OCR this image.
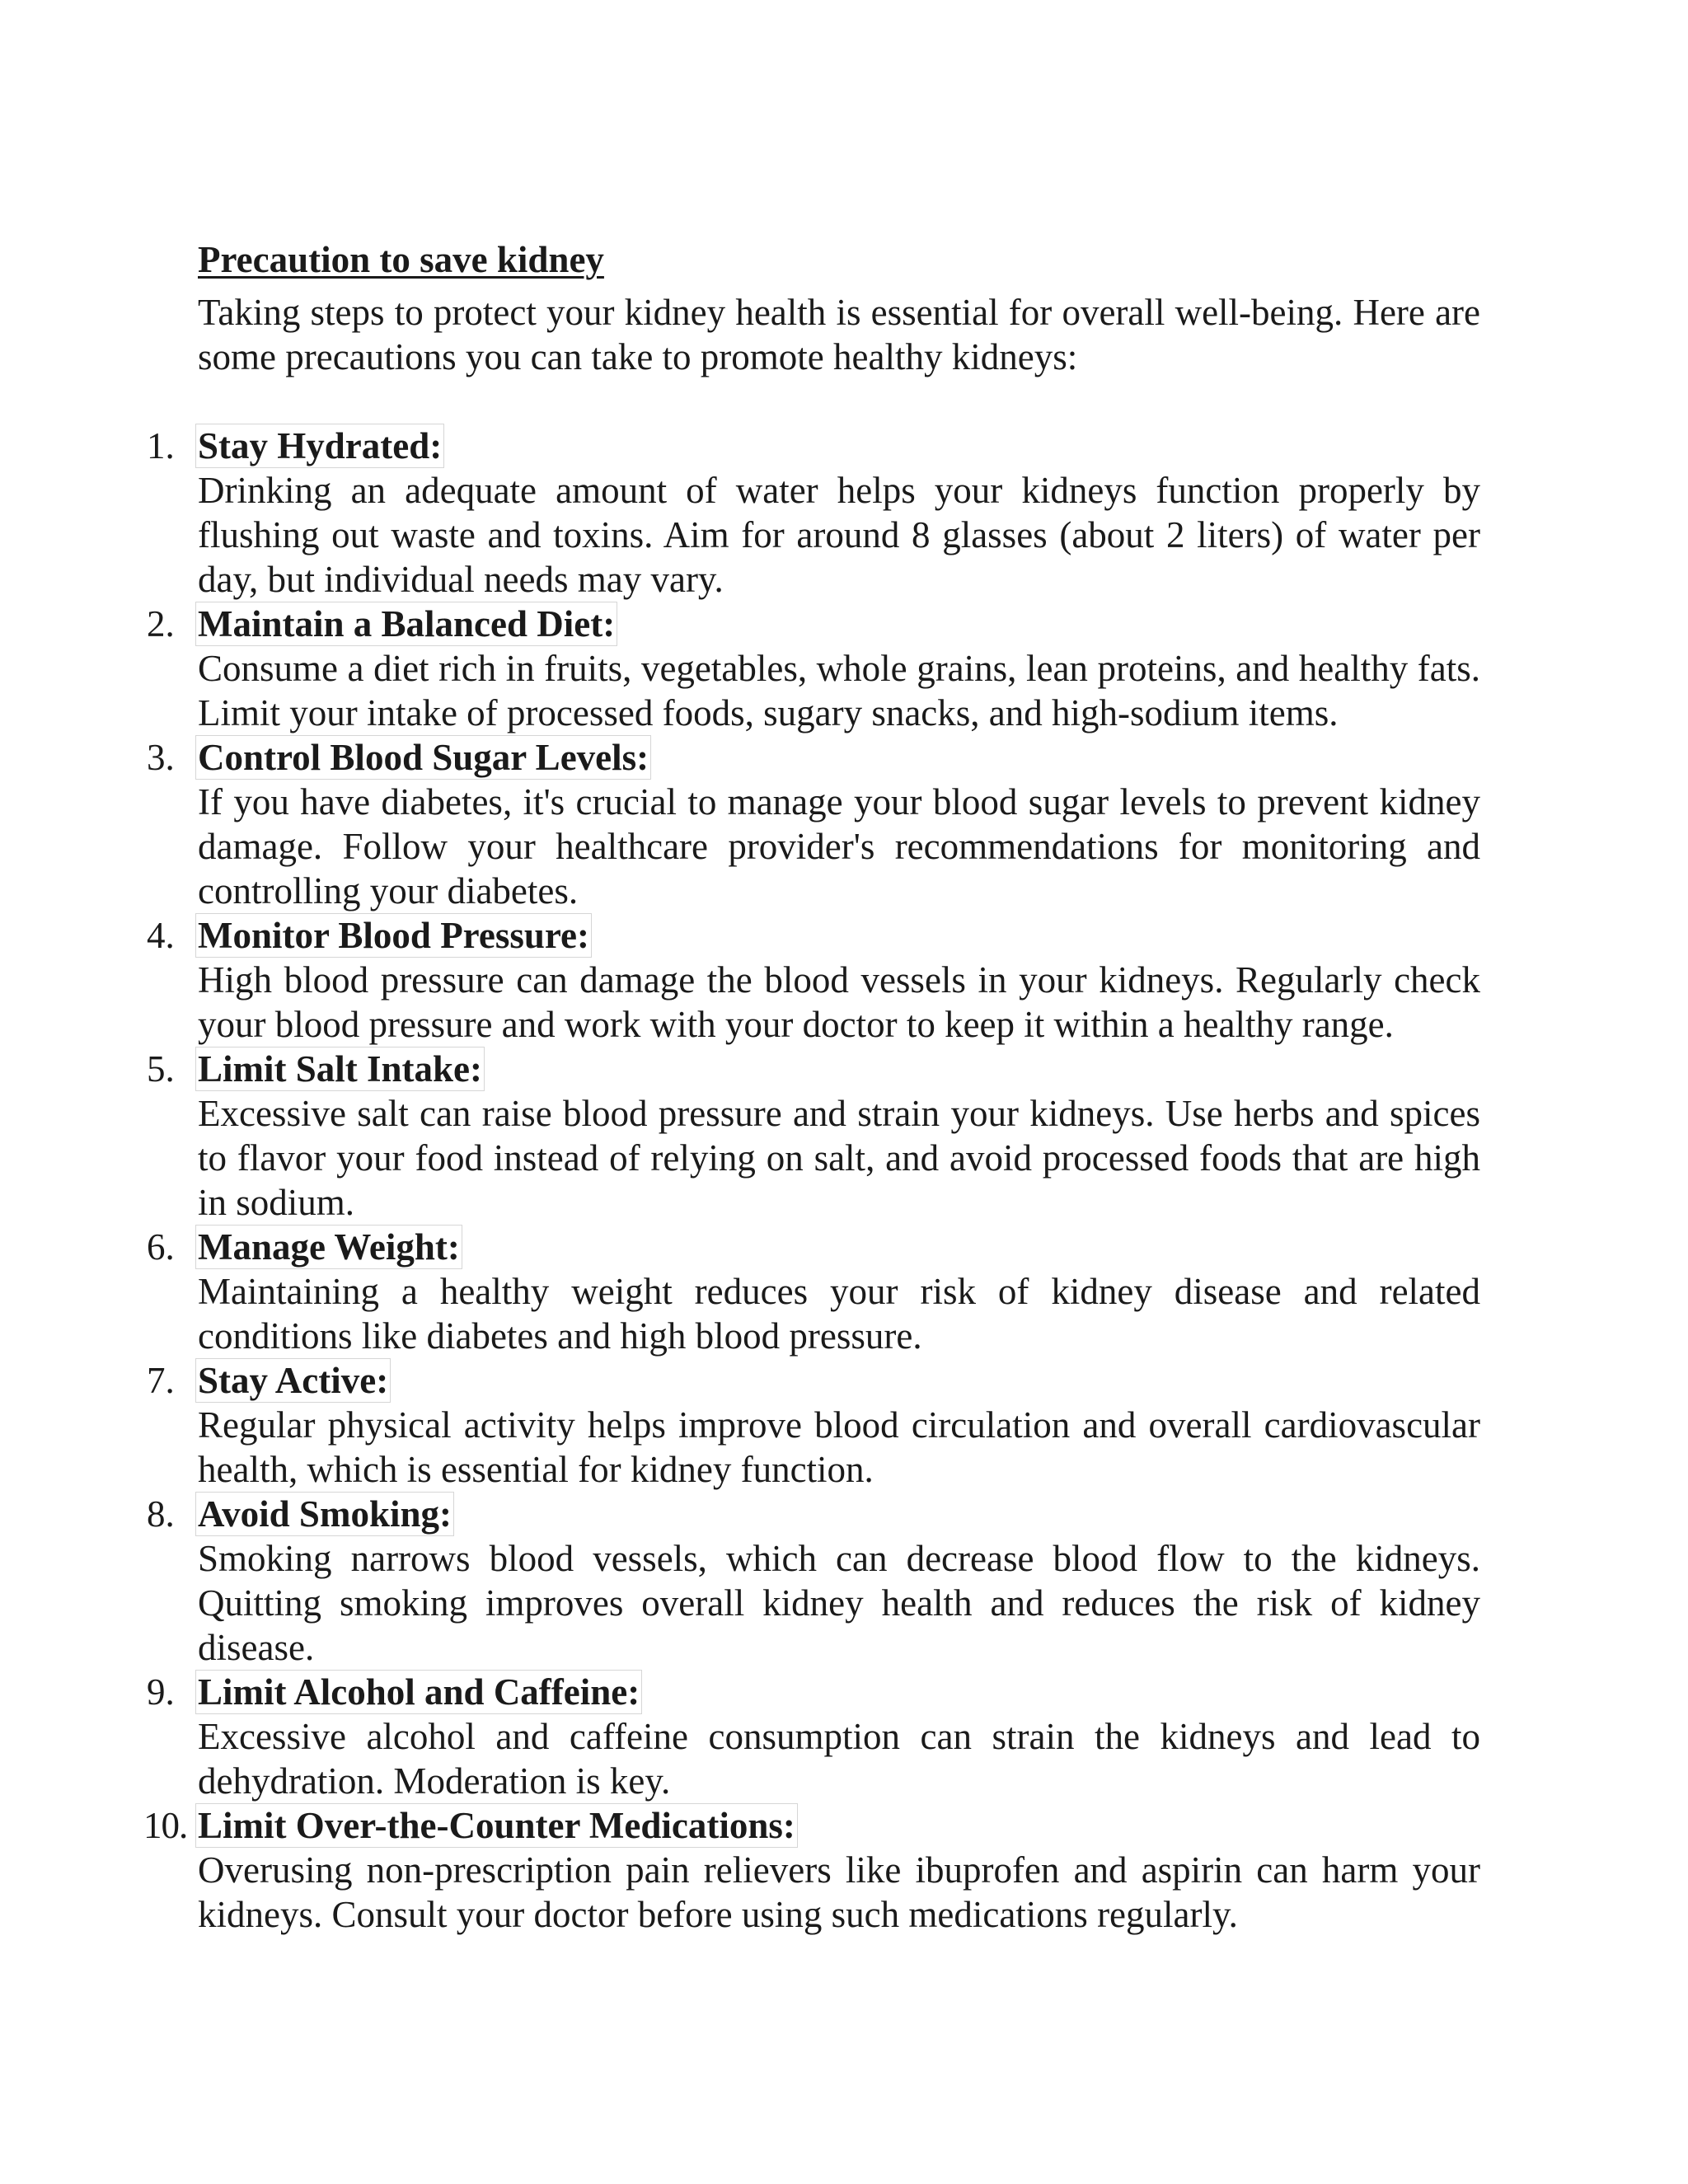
Precaution to save kidney
Taking steps to protect your kidney health is essential for overall well-being. Here are some precautions you can take to promote healthy kidneys:
1. Stay Hydrated:
Drinking an adequate amount of water helps your kidneys function properly by flushing out waste and toxins. Aim for around 8 glasses (about 2 liters) of water per day, but individual needs may vary.
2. Maintain a Balanced Diet:
Consume a diet rich in fruits, vegetables, whole grains, lean proteins, and healthy fats. Limit your intake of processed foods, sugary snacks, and high-sodium items.
3. Control Blood Sugar Levels:
If you have diabetes, it's crucial to manage your blood sugar levels to prevent kidney damage. Follow your healthcare provider's recommendations for monitoring and controlling your diabetes.
4. Monitor Blood Pressure:
High blood pressure can damage the blood vessels in your kidneys. Regularly check your blood pressure and work with your doctor to keep it within a healthy range.
5. Limit Salt Intake:
Excessive salt can raise blood pressure and strain your kidneys. Use herbs and spices to flavor your food instead of relying on salt, and avoid processed foods that are high in sodium.
6. Manage Weight:
Maintaining a healthy weight reduces your risk of kidney disease and related conditions like diabetes and high blood pressure.
7. Stay Active:
Regular physical activity helps improve blood circulation and overall cardiovascular health, which is essential for kidney function.
8. Avoid Smoking:
Smoking narrows blood vessels, which can decrease blood flow to the kidneys. Quitting smoking improves overall kidney health and reduces the risk of kidney disease.
9. Limit Alcohol and Caffeine:
Excessive alcohol and caffeine consumption can strain the kidneys and lead to dehydration. Moderation is key.
10. Limit Over-the-Counter Medications:
Overusing non-prescription pain relievers like ibuprofen and aspirin can harm your kidneys. Consult your doctor before using such medications regularly.
